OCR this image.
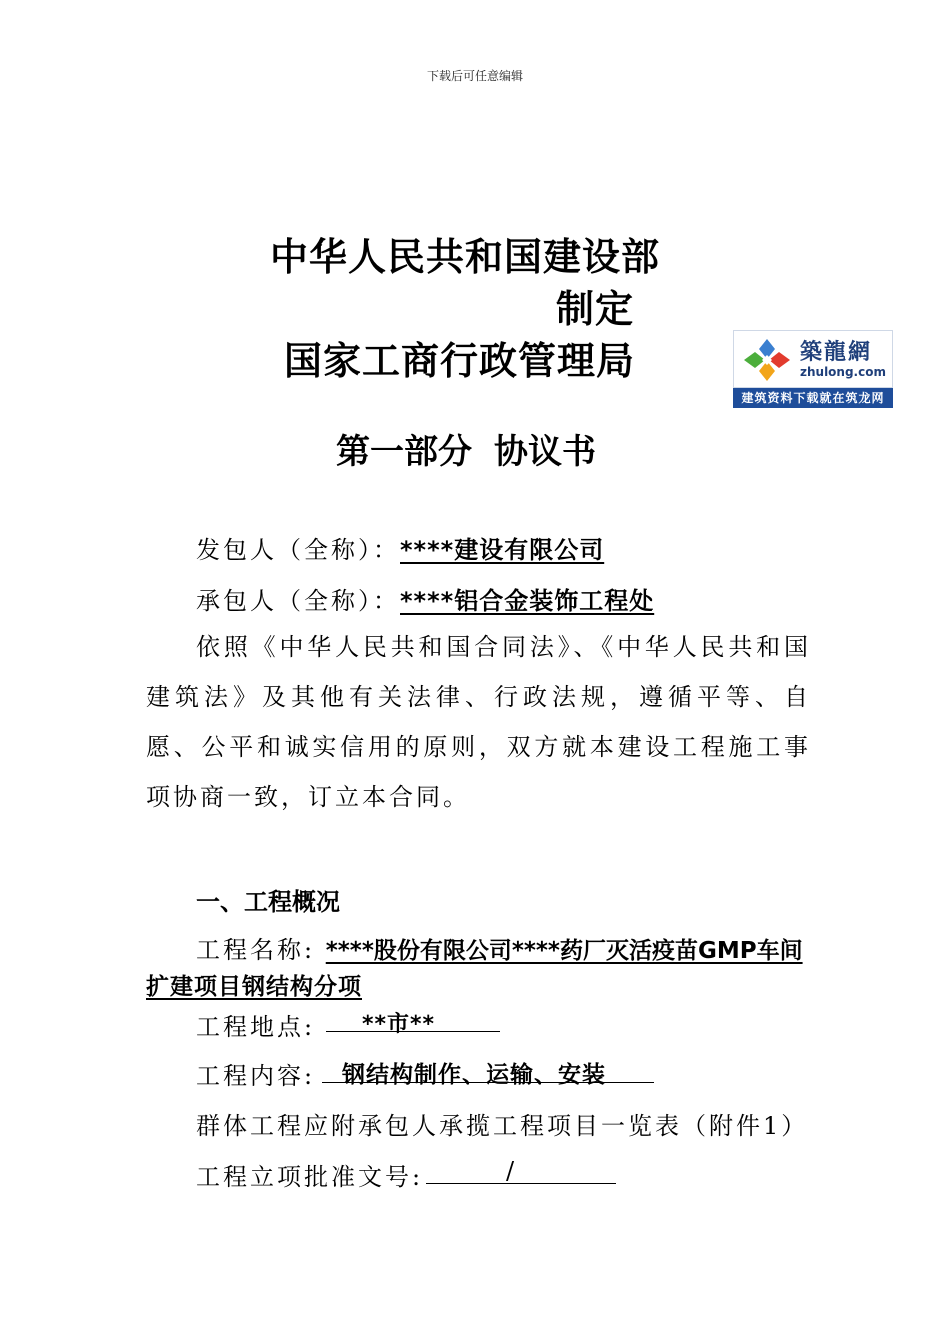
下载后可任意编辑
中华人民共和国建设部
制定
国家工商行政管理局	築龍網
zhulong.com
建筑资料下载就在筑龙网
第一部分 协议书
发包人（全称）：****建设有限公司
承包人（全称）：****铝合金装饰工程处
依照《中华人民共和国合同法》、《中华人民共和国建筑法》及其他有关法律、行政法规，遵循平等、自愿、公平和诚实信用的原则，双方就本建设工程施工事项协商一致，订立本合同。
一、工程概况
工程名称: ****股份有限公司****药厂灭活疫苗GMP车间
扩建项目钢结构分项
工程地点: **市**
工程内容: 钢结构制作、运输、安装
群体工程应附承包人承揽工程项目一览表（附件1）
工程立项批准文号:	/
